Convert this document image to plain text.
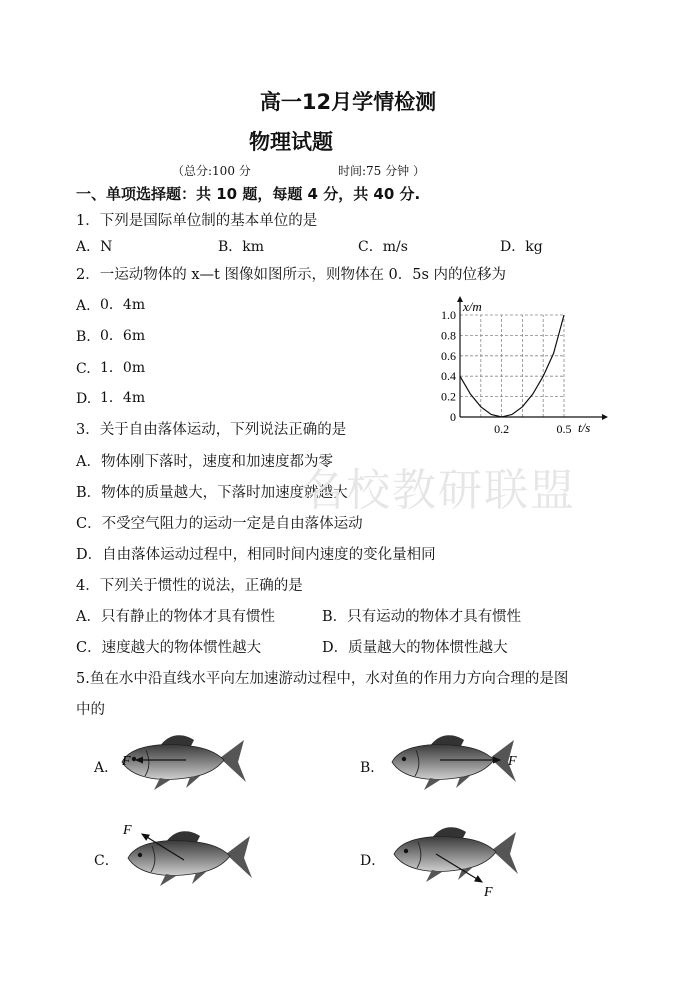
高一12月学情检测
物理试题
（总分:100 分	时间:75 分钟 ）
一、单项选择题：共 10 题，每题 4 分，共 40 分.
1．下列是国际单位制的基本单位的是
A．N	B．km	C．m/s	D．kg
2．一运动物体的 x—t 图像如图所示，则物体在 0．5s 内的位移为
A. 0．4m
B. 0．6m
C. 1．0m
D. 1．4m
0
0.2
0.4
0.6
0.8
1.0
0.2	0.5
x/m
t/s
3．关于自由落体运动，下列说法正确的是
A．物体刚下落时，速度和加速度都为零
B．物体的质量越大，下落时加速度就越大
C．不受空气阻力的运动一定是自由落体运动
D．自由落体运动过程中，相同时间内速度的变化量相同
名校教研联盟
4．下列关于惯性的说法，正确的是
A．只有静止的物体才具有惯性	B．只有运动的物体才具有惯性
C．速度越大的物体惯性越大	D．质量越大的物体惯性越大
5.鱼在水中沿直线水平向左加速游动过程中，水对鱼的作用力方向合理的是图
中的
A．	B．
C．	D．
F	F
F
F
